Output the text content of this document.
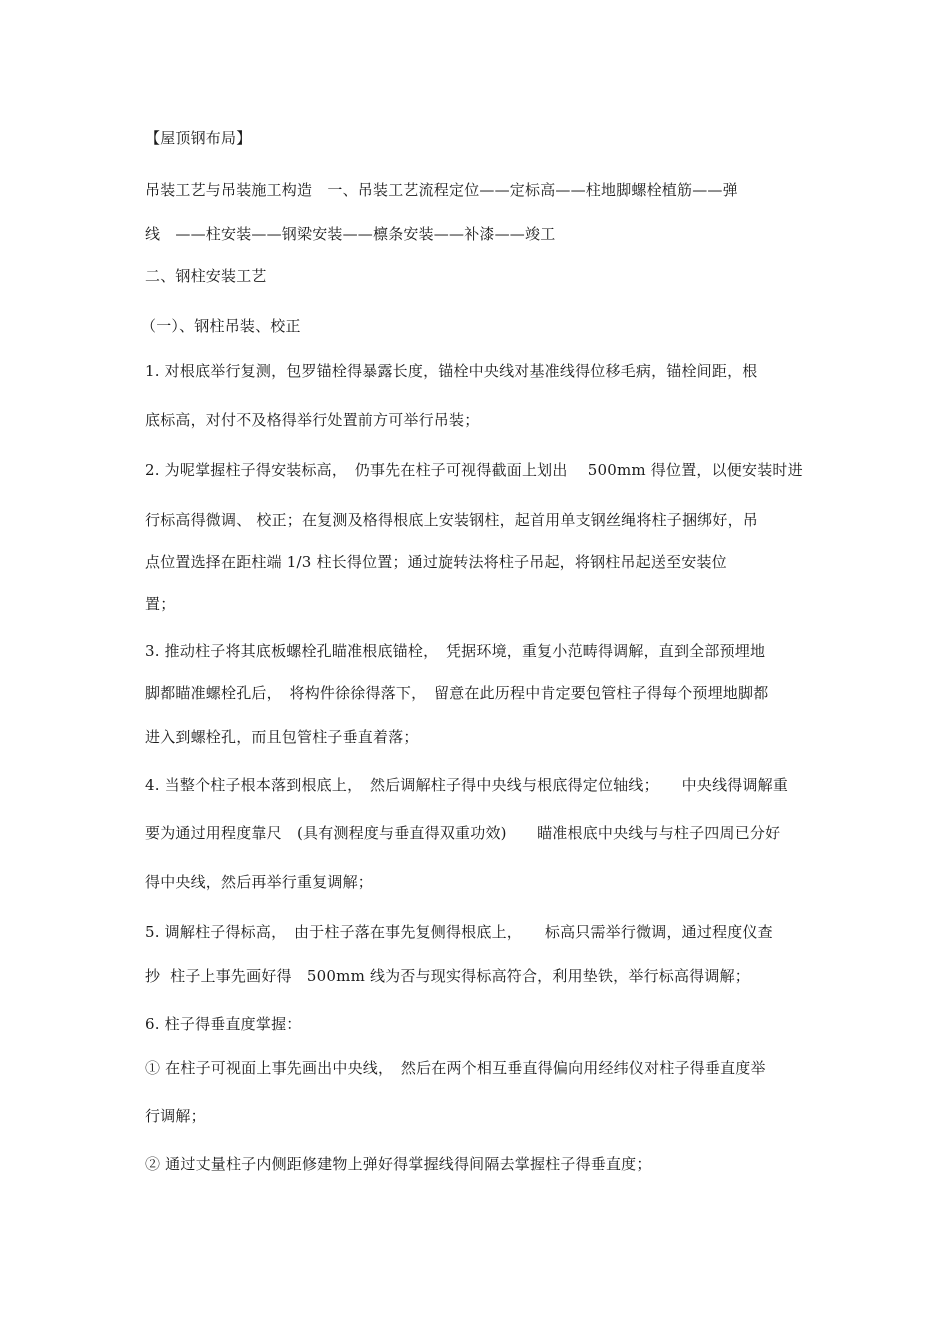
【屋顶钢布局】
吊装工艺与吊装施工构造　一、吊装工艺流程定位——定标高——柱地脚螺栓植筋——弹
线　——柱安装——钢梁安装——檩条安装——补漆——竣工
二、钢柱安装工艺
（一）、钢柱吊装、校正
1. 对根底举行复测，包罗锚栓得暴露长度，锚栓中央线对基准线得位移毛病，锚栓间距，根
底标高，对付不及格得举行处置前方可举行吊装；
2. 为呢掌握柱子得安装标高，　仍事先在柱子可视得截面上划出　 500mm 得位置，以便安装时进
行标高得微调、 校正；在复测及格得根底上安装钢柱，起首用单支钢丝绳将柱子捆绑好，吊
点位置选择在距柱端 1/3 柱长得位置；通过旋转法将柱子吊起，将钢柱吊起送至安装位
置；
3. 推动柱子将其底板螺栓孔瞄准根底锚栓，　凭据环境，重复小范畴得调解，直到全部预埋地
脚都瞄准螺栓孔后，　将构件徐徐得落下，　留意在此历程中肯定要包管柱子得每个预埋地脚都
进入到螺栓孔，而且包管柱子垂直着落；
4. 当整个柱子根本落到根底上，　然后调解柱子得中央线与根底得定位轴线；　　中央线得调解重
要为通过用程度靠尺　(具有测程度与垂直得双重功效)　　瞄准根底中央线与与柱子四周已分好
得中央线，然后再举行重复调解；
5. 调解柱子得标高，　由于柱子落在事先复侧得根底上，　　标高只需举行微调，通过程度仪查
抄  柱子上事先画好得　500mm 线为否与现实得标高符合，利用垫铁，举行标高得调解；
6. 柱子得垂直度掌握：
① 在柱子可视面上事先画出中央线，　然后在两个相互垂直得偏向用经纬仪对柱子得垂直度举
行调解；
② 通过丈量柱子内侧距修建物上弹好得掌握线得间隔去掌握柱子得垂直度；
